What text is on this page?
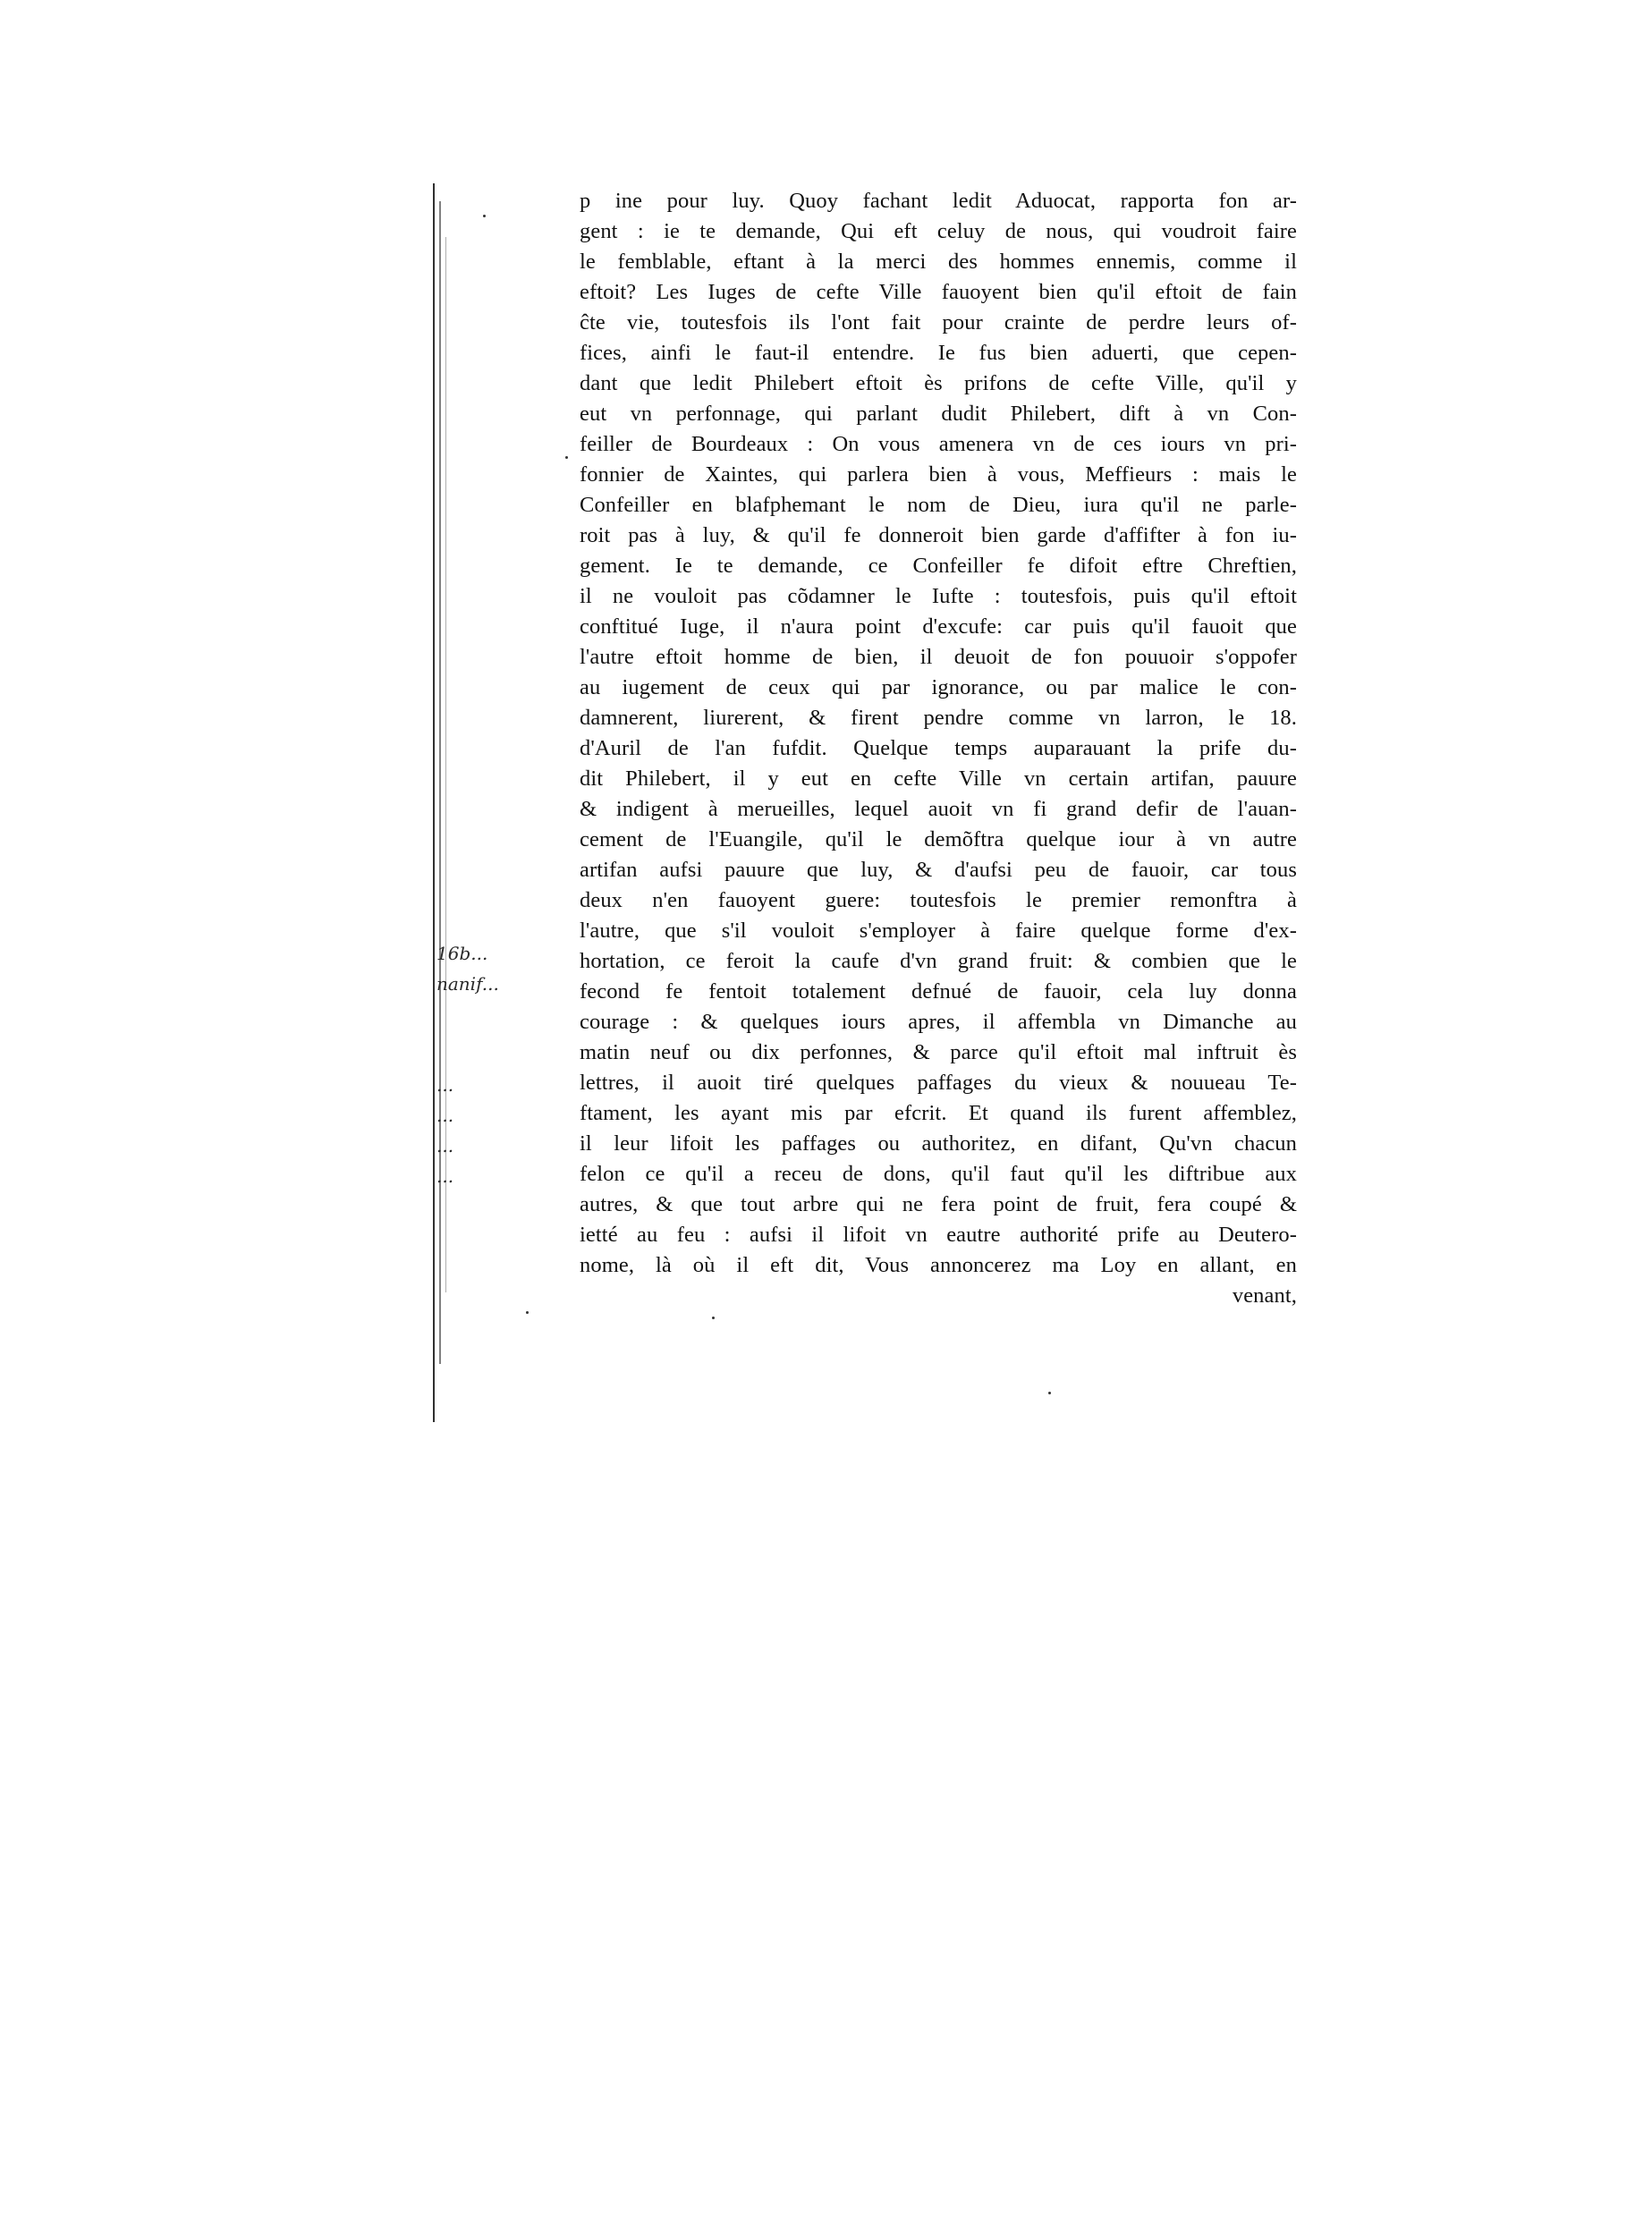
p ine pour luy. Quoy fachant ledit Aduocat, rapporta fon ar-
gent : ie te demande, Qui eft celuy de nous, qui voudroit faire
le femblable, eftant à la merci des hommes ennemis, comme il
eftoit? Les Iuges de cefte Ville fauoyent bien qu'il eftoit de fain
ĉte vie, toutesfois ils l'ont fait pour crainte de perdre leurs of-
fices, ainfi le faut-il entendre. Ie fus bien aduerti, que cepen-
dant que ledit Philebert eftoit ès prifons de cefte Ville, qu'il y
eut vn perfonnage, qui parlant dudit Philebert, dift à vn Con-
feiller de Bourdeaux : On vous amenera vn de ces iours vn pri-
fonnier de Xaintes, qui parlera bien à vous, Meffieurs : mais le
Confeiller en blafphemant le nom de Dieu, iura qu'il ne parle-
roit pas à luy, & qu'il fe donneroit bien garde d'affifter à fon iu-
gement. Ie te demande, ce Confeiller fe difoit eftre Chreftien,
il ne vouloit pas cõdamner le Iufte : toutesfois, puis qu'il eftoit
conftitué Iuge, il n'aura point d'excufe: car puis qu'il fauoit que
l'autre eftoit homme de bien, il deuoit de fon pouuoir s'oppofer
au iugement de ceux qui par ignorance, ou par malice le con-
damnerent, liurerent, & firent pendre comme vn larron, le 18.
d'Auril de l'an fufdit. Quelque temps auparauant la prife du-
dit Philebert, il y eut en cefte Ville vn certain artifan, pauure
& indigent à merueilles, lequel auoit vn fi grand defir de l'auan-
cement de l'Euangile, qu'il le demõftra quelque iour à vn autre
artifan aufsi pauure que luy, & d'aufsi peu de fauoir, car tous
deux n'en fauoyent guere: toutesfois le premier remonftra à
l'autre, que s'il vouloit s'employer à faire quelque forme d'ex-
hortation, ce feroit la caufe d'vn grand fruit: & combien que le
fecond fe fentoit totalement defnué de fauoir, cela luy donna
courage : & quelques iours apres, il affembla vn Dimanche au
matin neuf ou dix perfonnes, & parce qu'il eftoit mal inftruit ès
lettres, il auoit tiré quelques paffages du vieux & nouueau Te-
ftament, les ayant mis par efcrit. Et quand ils furent affemblez,
il leur lifoit les paffages ou authoritez, en difant, Qu'vn chacun
felon ce qu'il a receu de dons, qu'il faut qu'il les diftribue aux
autres, & que tout arbre qui ne fera point de fruit, fera coupé &
ietté au feu : aufsi il lifoit vn eautre authorité prife au Deutero-
nome, là où il eft dit, Vous annoncerez ma Loy en allant, en
venant,
16b...
nanif...
...
...
...
...
